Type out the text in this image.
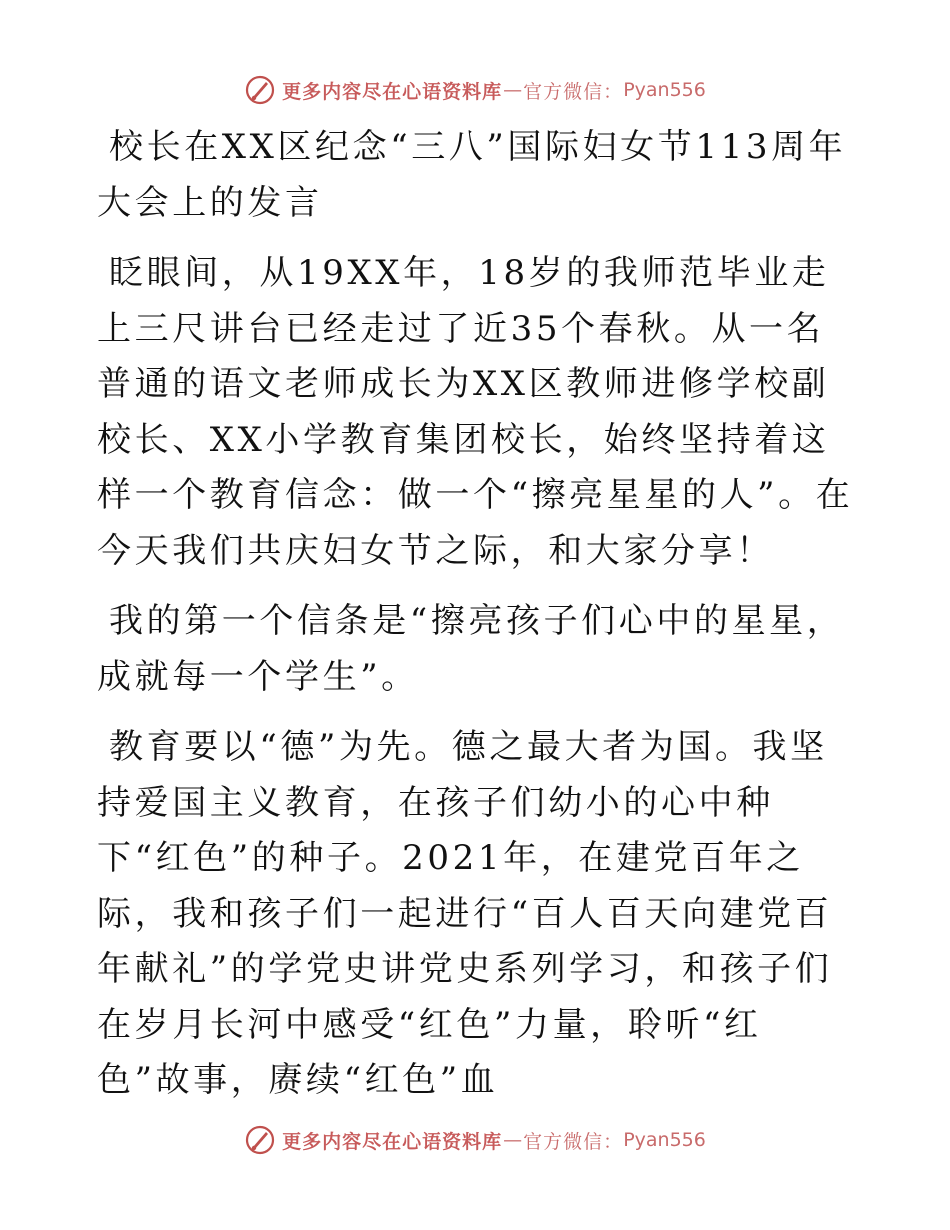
更多内容尽在心语资料库 — 官方微信： Pyan556

校长在XX区纪念“三八”国际妇女节113周年大会上的发言

眨眼间，从19XX年，18岁的我师范毕业走上三尺讲台已经走过了近35个春秋。从一名普通的语文老师成长为XX区教师进修学校副校长、XX小学教育集团校长，始终坚持着这样一个教育信念：做一个“擦亮星星的人”。在今天我们共庆妇女节之际，和大家分享！

我的第一个信条是“擦亮孩子们心中的星星，成就每一个学生”。

教育要以“德”为先。德之最大者为国。我坚持爱国主义教育，在孩子们幼小的心中种下“红色”的种子。2021年，在建党百年之际，我和孩子们一起进行“百人百天向建党百年献礼”的学党史讲党史系列学习，和孩子们在岁月长河中感受“红色”力量，聆听“红色”故事，赓续“红色”血

更多内容尽在心语资料库 — 官方微信： Pyan556
